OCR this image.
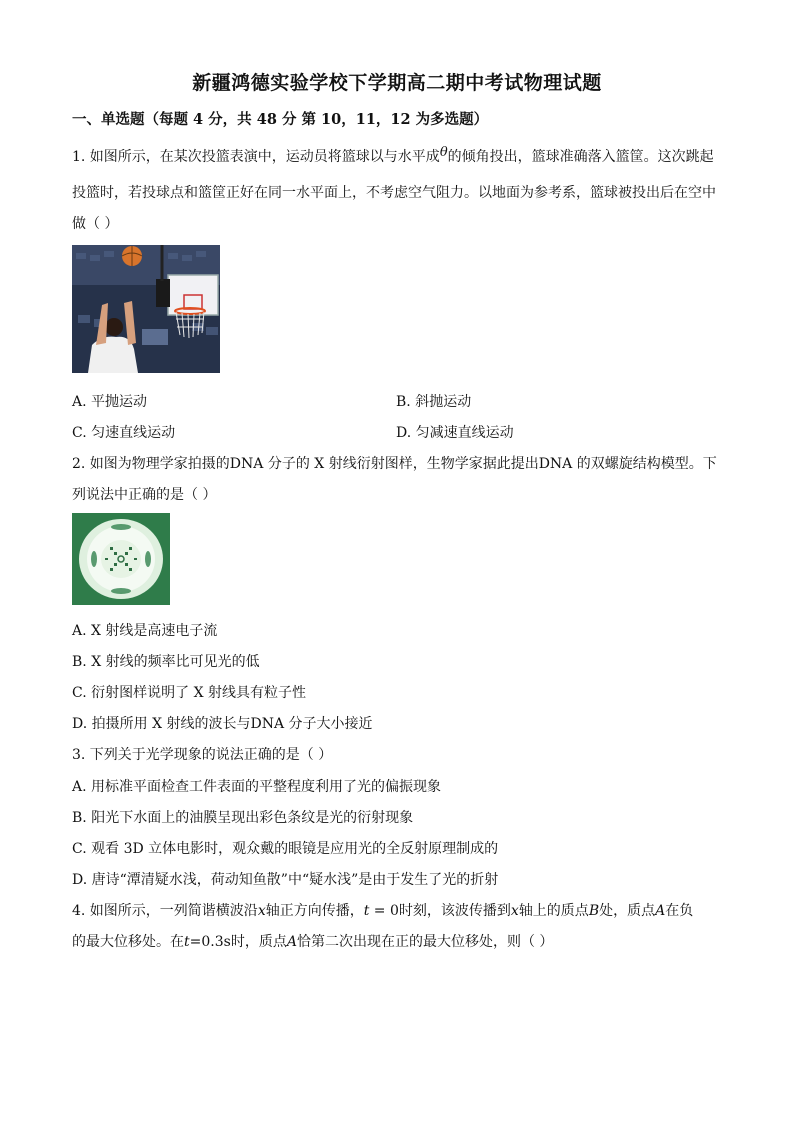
新疆鸿德实验学校下学期高二期中考试物理试题
一、单选题（每题 4 分，共 48 分 第 10，11，12 为多选题）
1. 如图所示，在某次投篮表演中，运动员将篮球以与水平成θ的倾角投出，篮球准确落入篮筐。这次跳起
投篮时，若投球点和篮筐正好在同一水平面上，不考虑空气阻力。以地面为参考系，篮球被投出后在空中
做（ ）
A. 平抛运动	B. 斜抛运动
C. 匀速直线运动	D. 匀减速直线运动
2. 如图为物理学家拍摄的DNA 分子的 X 射线衍射图样，生物学家据此提出DNA 的双螺旋结构模型。下
列说法中正确的是（ ）
A. X 射线是高速电子流
B. X 射线的频率比可见光的低
C. 衍射图样说明了 X 射线具有粒子性
D. 拍摄所用 X 射线的波长与DNA 分子大小接近
3. 下列关于光学现象的说法正确的是（ ）
A. 用标准平面检查工件表面的平整程度利用了光的偏振现象
B. 阳光下水面上的油膜呈现出彩色条纹是光的衍射现象
C. 观看 3D 立体电影时，观众戴的眼镜是应用光的全反射原理制成的
D. 唐诗“潭清疑水浅，荷动知鱼散”中“疑水浅”是由于发生了光的折射
4. 如图所示，一列简谐横波沿x轴正方向传播，t = 0时刻，该波传播到x轴上的质点B处，质点A在负
的最大位移处。在t=0.3s时，质点A恰第二次出现在正的最大位移处，则（ ）
